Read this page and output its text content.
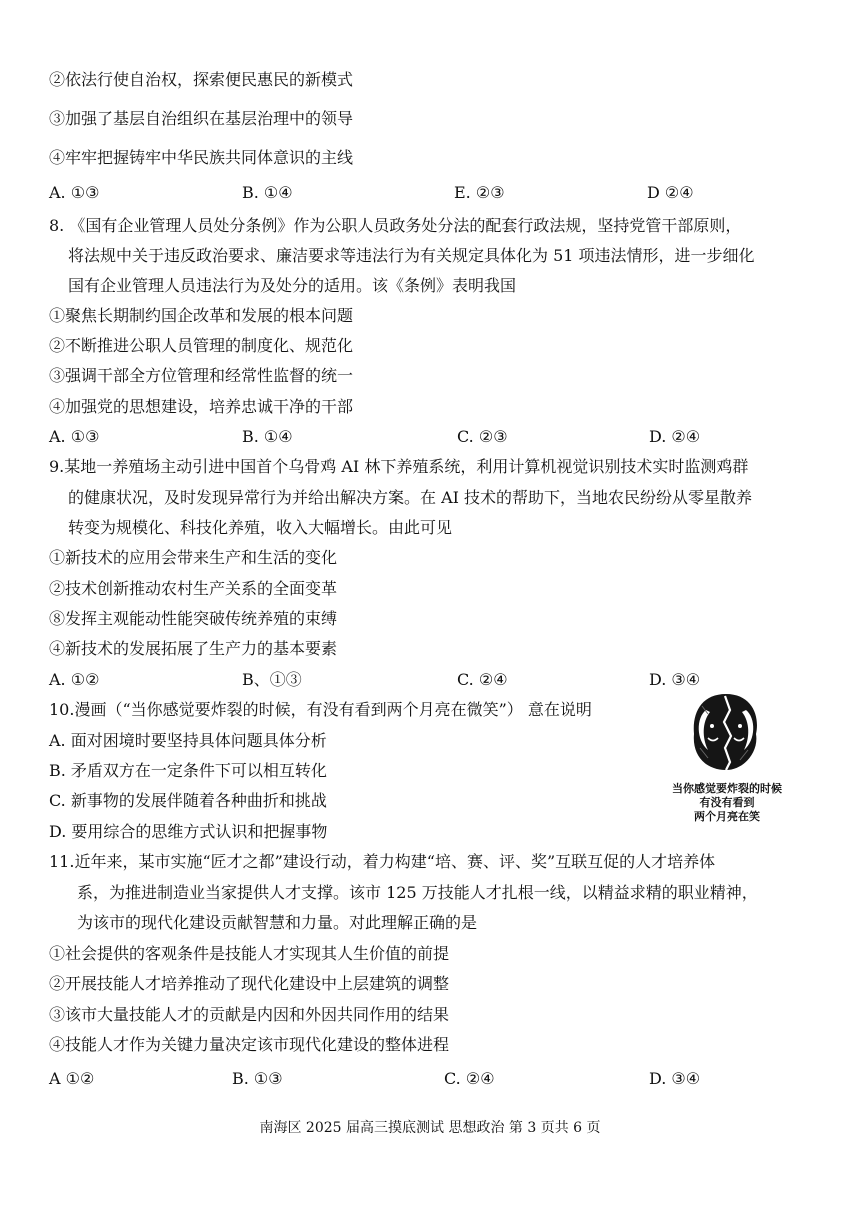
②依法行使自治权，探索便民惠民的新模式
③加强了基层自治组织在基层治理中的领导
④牢牢把握铸牢中华民族共同体意识的主线
A. ①③	B. ①④	E. ②③	D ②④
8. 《国有企业管理人员处分条例》作为公职人员政务处分法的配套行政法规，坚持党管干部原则，
将法规中关于违反政治要求、廉洁要求等违法行为有关规定具体化为 51 项违法情形，进一步细化
国有企业管理人员违法行为及处分的适用。该《条例》表明我国
①聚焦长期制约国企改革和发展的根本问题
②不断推进公职人员管理的制度化、规范化
③强调干部全方位管理和经常性监督的统一
④加强党的思想建设，培养忠诚干净的干部
A. ①③	B. ①④	C. ②③	D. ②④
9.某地一养殖场主动引进中国首个乌骨鸡 AI 林下养殖系统，利用计算机视觉识别技术实时监测鸡群
的健康状况，及时发现异常行为并给出解决方案。在 AI 技术的帮助下，当地农民纷纷从零星散养
转变为规模化、科技化养殖，收入大幅增长。由此可见
①新技术的应用会带来生产和生活的变化
②技术创新推动农村生产关系的全面变革
⑧发挥主观能动性能突破传统养殖的束缚
④新技术的发展拓展了生产力的基本要素
A. ①②	B、①③	C. ②④	D. ③④
10.漫画（“当你感觉要炸裂的时候，有没有看到两个月亮在微笑”） 意在说明
A. 面对困境时要坚持具体问题具体分析
B. 矛盾双方在一定条件下可以相互转化
C. 新事物的发展伴随着各种曲折和挑战
D. 要用综合的思维方式认识和把握事物
当你感觉要炸裂的时候
有没有看到
两个月亮在笑
11.近年来，某市实施“匠才之都”建设行动，着力构建“培、赛、评、奖”互联互促的人才培养体
系，为推进制造业当家提供人才支撑。该市 125 万技能人才扎根一线，以精益求精的职业精神，
为该市的现代化建设贡献智慧和力量。对此理解正确的是
①社会提供的客观条件是技能人才实现其人生价值的前提
②开展技能人才培养推动了现代化建设中上层建筑的调整
③该市大量技能人才的贡献是内因和外因共同作用的结果
④技能人才作为关键力量决定该市现代化建设的整体进程
A ①②	B. ①③	C. ②④	D. ③④
南海区 2025 届高三摸底测试 思想政治 第 3 页共 6 页
